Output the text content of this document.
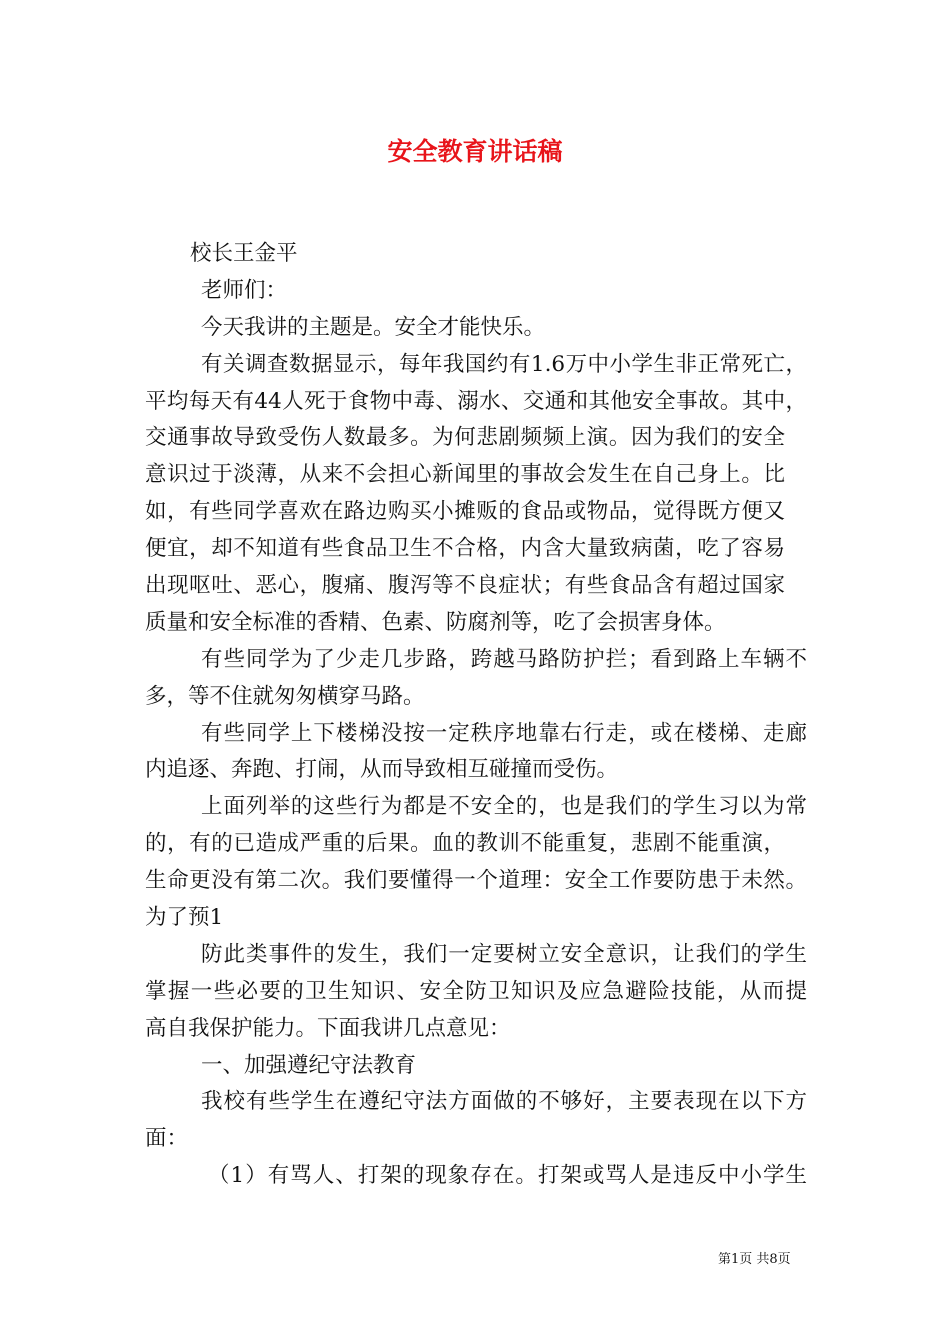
安全教育讲话稿
校长王金平
老师们：
今天我讲的主题是。安全才能快乐。
有关调查数据显示，每年我国约有1.6万中小学生非正常死亡，
平均每天有44人死于食物中毒、溺水、交通和其他安全事故。其中，
交通事故导致受伤人数最多。为何悲剧频频上演。因为我们的安全
意识过于淡薄，从来不会担心新闻里的事故会发生在自己身上。比
如，有些同学喜欢在路边购买小摊贩的食品或物品，觉得既方便又
便宜，却不知道有些食品卫生不合格，内含大量致病菌，吃了容易
出现呕吐、恶心，腹痛、腹泻等不良症状；有些食品含有超过国家
质量和安全标准的香精、色素、防腐剂等，吃了会损害身体。
有些同学为了少走几步路，跨越马路防护拦；看到路上车辆不
多，等不住就匆匆横穿马路。
有些同学上下楼梯没按一定秩序地靠右行走，或在楼梯、走廊
内追逐、奔跑、打闹，从而导致相互碰撞而受伤。
上面列举的这些行为都是不安全的，也是我们的学生习以为常
的，有的已造成严重的后果。血的教训不能重复，悲剧不能重演，
生命更没有第二次。我们要懂得一个道理：安全工作要防患于未然。
为了预1
防此类事件的发生，我们一定要树立安全意识，让我们的学生
掌握一些必要的卫生知识、安全防卫知识及应急避险技能，从而提
高自我保护能力。下面我讲几点意见：
一、加强遵纪守法教育
我校有些学生在遵纪守法方面做的不够好，主要表现在以下方
面：
（1）有骂人、打架的现象存在。打架或骂人是违反中小学生
第1页 共8页
